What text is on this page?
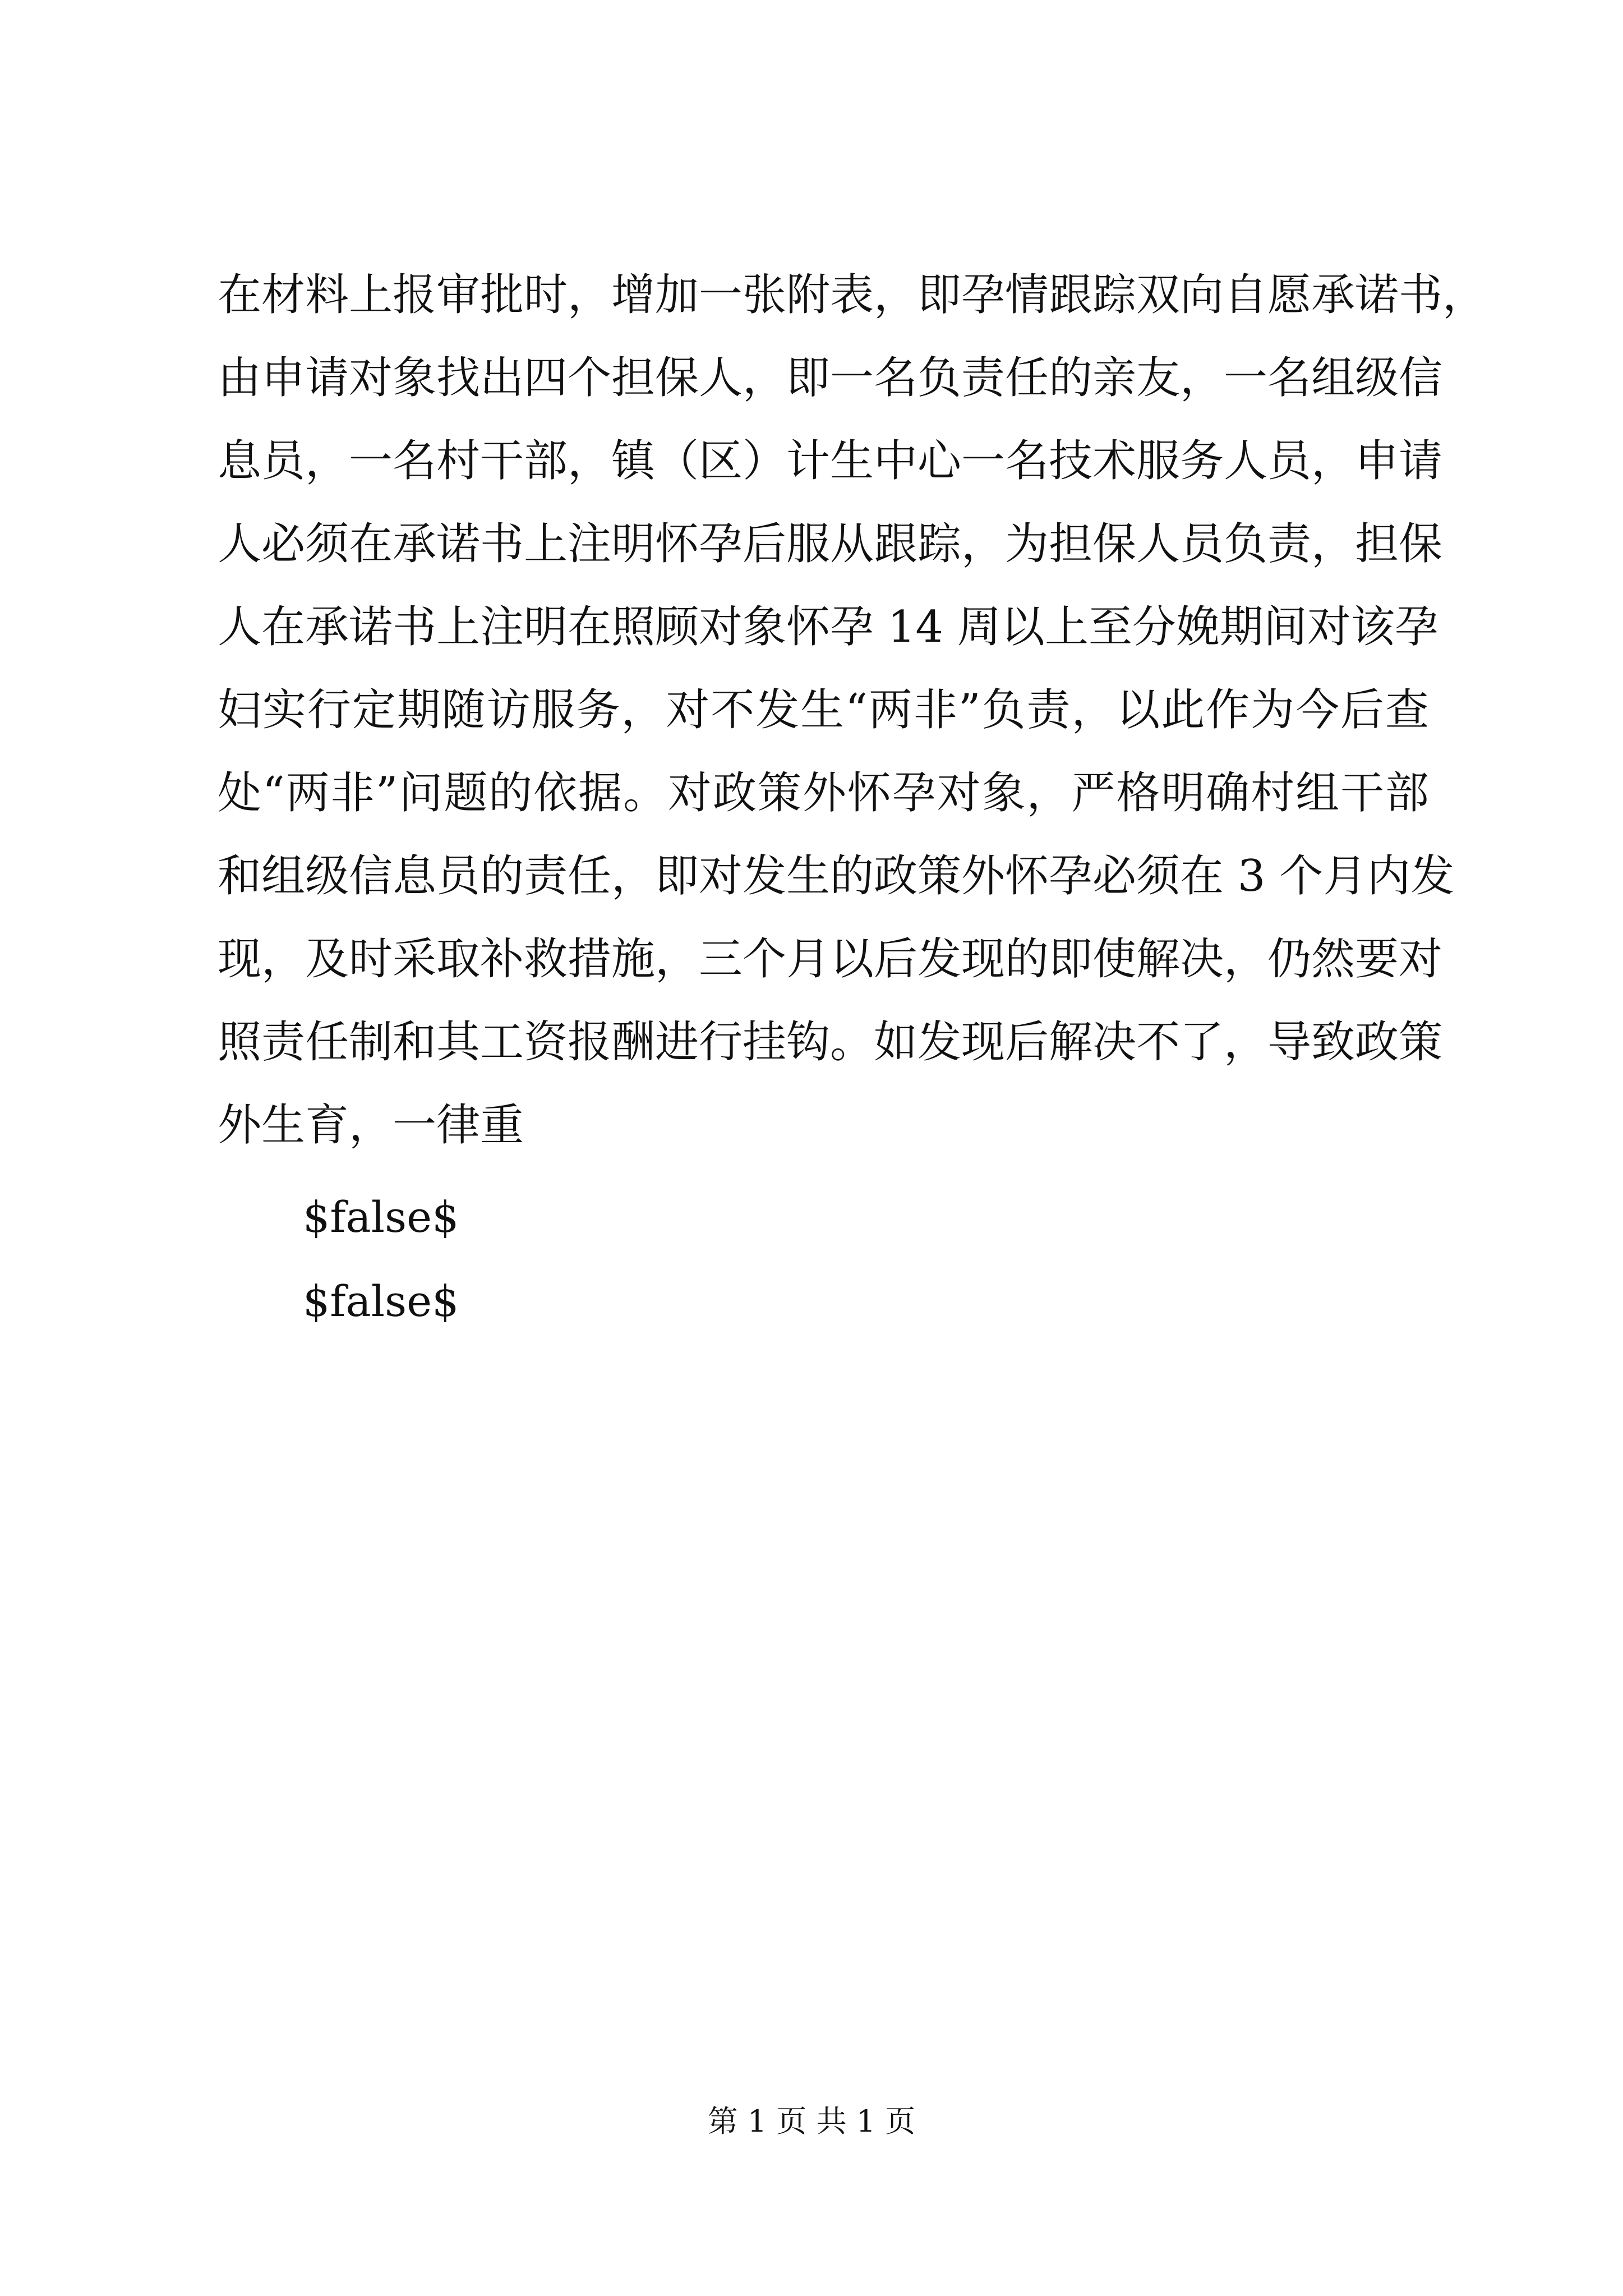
在材料上报审批时，增加一张附表，即孕情跟踪双向自愿承诺书，
由申请对象找出四个担保人，即一名负责任的亲友，一名组级信
息员，一名村干部，镇（区）计生中心一名技术服务人员，申请
人必须在承诺书上注明怀孕后服从跟踪，为担保人员负责，担保
人在承诺书上注明在照顾对象怀孕 14 周以上至分娩期间对该孕
妇实行定期随访服务，对不发生“两非”负责，以此作为今后查
处“两非”问题的依据。对政策外怀孕对象，严格明确村组干部
和组级信息员的责任，即对发生的政策外怀孕必须在 3 个月内发
现，及时采取补救措施，三个月以后发现的即使解决，仍然要对
照责任制和其工资报酬进行挂钩。如发现后解决不了，导致政策
外生育，一律重
$false$
$false$
第 1 页 共 1 页
